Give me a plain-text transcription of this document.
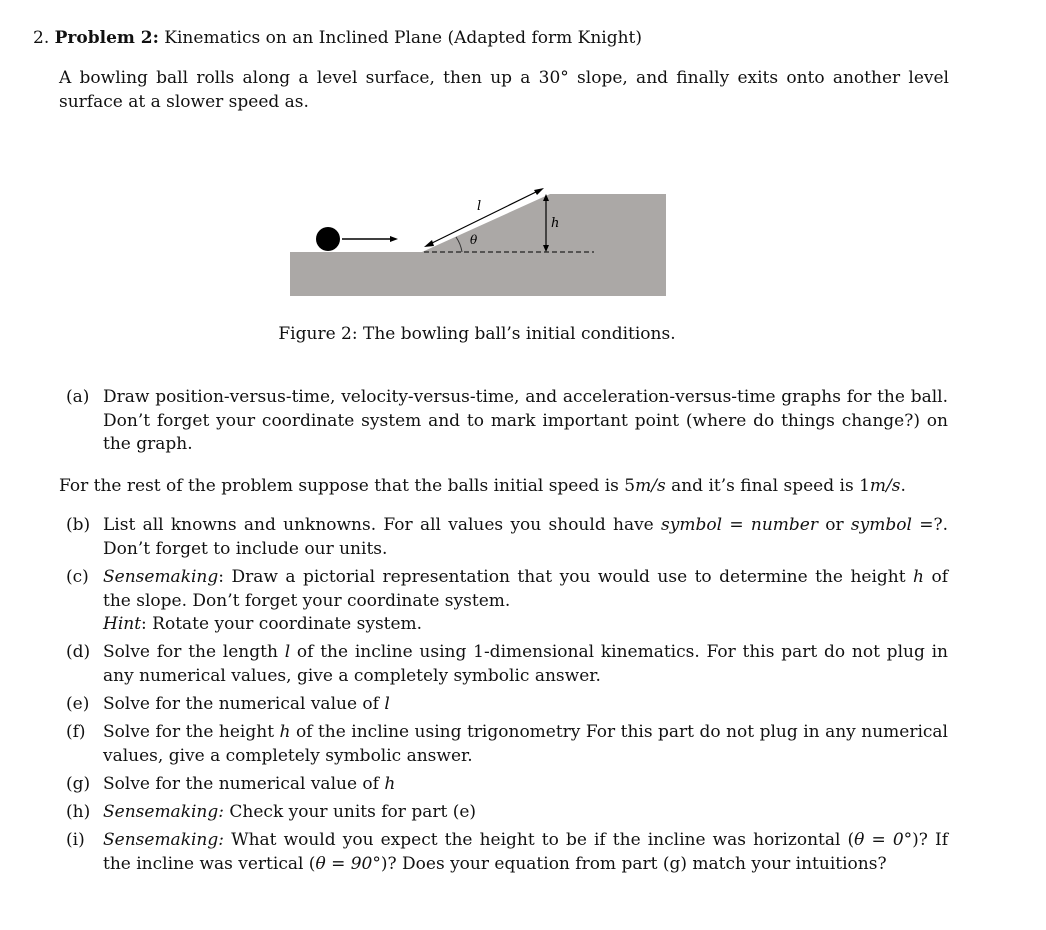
2. Problem 2: Kinematics on an Inclined Plane (Adapted form Knight)
A bowling ball rolls along a level surface, then up a 30° slope, and finally exits onto another level surface at a slower speed as.
l
θ
h
Figure 2: The bowling ball’s initial conditions.
(a) Draw position-versus-time, velocity-versus-time, and acceleration-versus-time graphs for the ball. Don’t forget your coordinate system and to mark important point (where do things change?) on the graph.
For the rest of the problem suppose that the balls initial speed is 5m/s and it’s final speed is 1m/s.
(b) List all knowns and unknowns. For all values you should have symbol = number or symbol =?. Don’t forget to include our units.
(c) Sensemaking: Draw a pictorial representation that you would use to determine the height h of the slope. Don’t forget your coordinate system.
Hint: Rotate your coordinate system.
(d) Solve for the length l of the incline using 1-dimensional kinematics. For this part do not plug in any numerical values, give a completely symbolic answer.
(e) Solve for the numerical value of l
(f) Solve for the height h of the incline using trigonometry For this part do not plug in any numerical values, give a completely symbolic answer.
(g) Solve for the numerical value of h
(h) Sensemaking: Check your units for part (e)
(i) Sensemaking: What would you expect the height to be if the incline was horizontal (θ = 0°)? If the incline was vertical (θ = 90°)? Does your equation from part (g) match your intuitions?
